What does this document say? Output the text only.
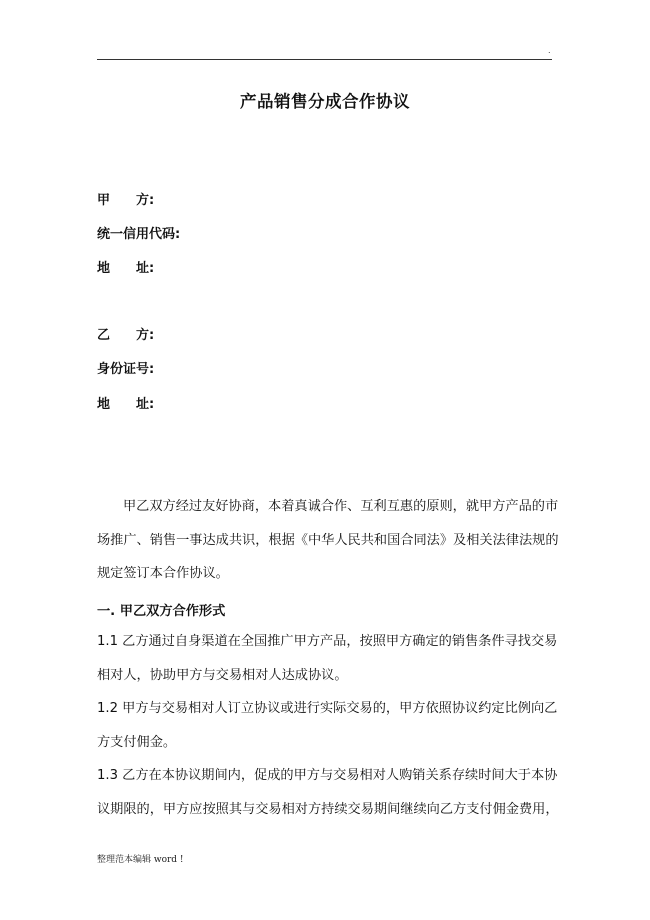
.
产品销售分成合作协议
甲 方:
统一信用代码:
地 址:
乙 方:
身份证号:
地 址:
甲乙双方经过友好协商，本着真诚合作、互利互惠的原则，就甲方产品的市
场推广、销售一事达成共识，根据《中华人民共和国合同法》及相关法律法规的
规定签订本合作协议。
一. 甲乙双方合作形式
1.1 乙方通过自身渠道在全国推广甲方产品，按照甲方确定的销售条件寻找交易
相对人，协助甲方与交易相对人达成协议。
1.2 甲方与交易相对人订立协议或进行实际交易的，甲方依照协议约定比例向乙
方支付佣金。
1.3 乙方在本协议期间内，促成的甲方与交易相对人购销关系存续时间大于本协
议期限的，甲方应按照其与交易相对方持续交易期间继续向乙方支付佣金费用，
整理范本编辑 word !
